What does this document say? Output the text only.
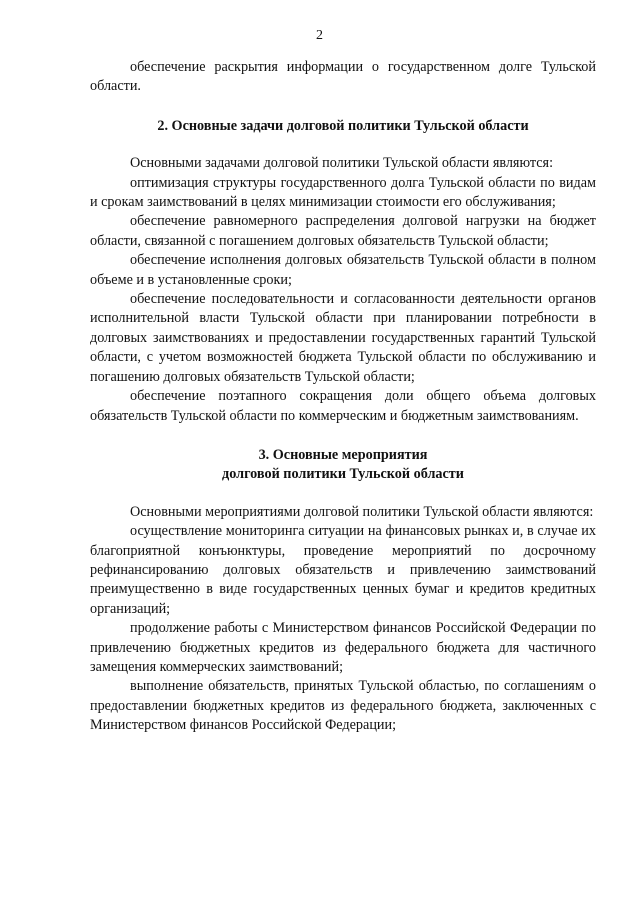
2

обеспечение раскрытия информации о государственном долге Тульской области.

2. Основные задачи долговой политики Тульской области

Основными задачами долговой политики Тульской области являются:

оптимизация структуры государственного долга Тульской области по видам и срокам заимствований в целях минимизации стоимости его обслуживания;

обеспечение равномерного распределения долговой нагрузки на бюджет области, связанной с погашением долговых обязательств Тульской области;

обеспечение исполнения долговых обязательств Тульской области в полном объеме и в установленные сроки;

обеспечение последовательности и согласованности деятельности органов исполнительной власти Тульской области при планировании потребности в долговых заимствованиях и предоставлении государственных гарантий Тульской области, с учетом возможностей бюджета Тульской области по обслуживанию и погашению долговых обязательств Тульской области;

обеспечение поэтапного сокращения доли общего объема долговых обязательств Тульской области по коммерческим и бюджетным заимствованиям.

3. Основные мероприятия

долговой политики Тульской области

Основными мероприятиями долговой политики Тульской области являются:

осуществление мониторинга ситуации на финансовых рынках и, в случае их благоприятной конъюнктуры, проведение мероприятий по досрочному рефинансированию долговых обязательств и привлечению заимствований преимущественно в виде государственных ценных бумаг и кредитов кредитных организаций;

продолжение работы с Министерством финансов Российской Федерации по привлечению бюджетных кредитов из федерального бюджета для частичного замещения коммерческих заимствований;

выполнение обязательств, принятых Тульской областью, по соглашениям о предоставлении бюджетных кредитов из федерального бюджета, заключенных с Министерством финансов Российской Федерации;
